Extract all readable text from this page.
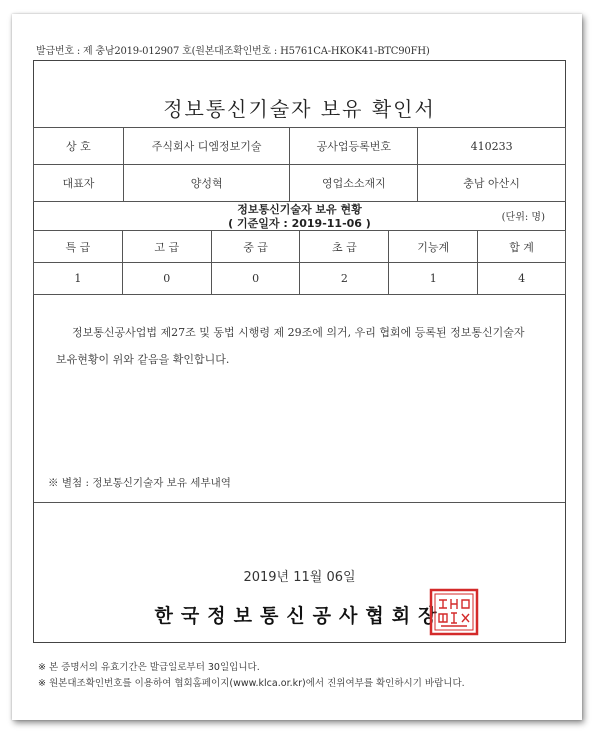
발급번호 : 제 충남2019-012907 호(원본대조확인번호 : H5761CA-HKOK41-BTC90FH)
정보통신기술자 보유 확인서
상 호	주식회사 디엠정보기술	공사업등록번호	410233
대표자	양성혁	영업소소재지	충남 아산시
정보통신기술자 보유 현황
( 기준일자 : 2019-11-06 )	(단위: 명)
특 급	고 급	중 급	초 급	기능계	합 계
1	0	0	2	1	4
정보통신공사업법 제27조 및 동법 시행령 제 29조에 의거, 우리 협회에 등록된 정보통신기술자
보유현황이 위와 같음을 확인합니다.
※ 별첨 : 정보통신기술자 보유 세부내역
2019년 11월 06일
한국정보통신공사협회장
※ 본 증명서의 유효기간은 발급일로부터 30일입니다.
※ 원본대조확인번호를 이용하여 협회홈페이지(www.klca.or.kr)에서 진위여부를 확인하시기 바랍니다.
